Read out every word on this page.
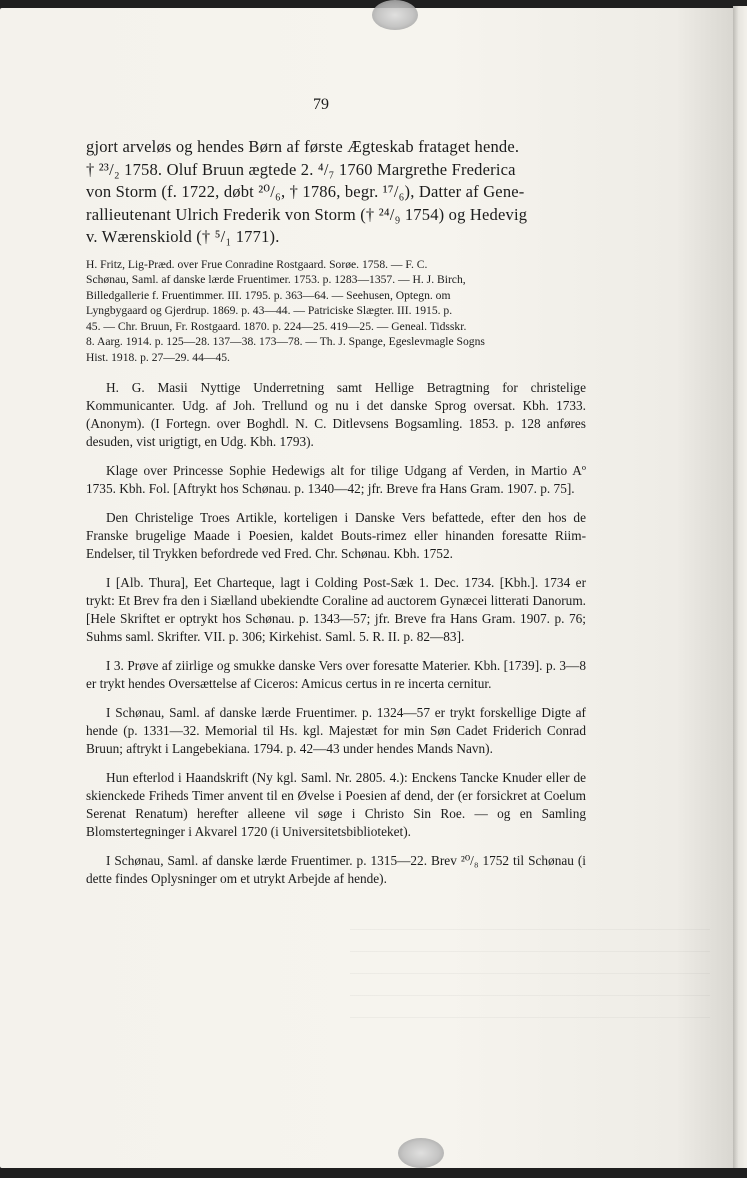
79
gjort arveløs og hendes Børn af første Ægteskab frataget hende.
† ²³/₂ 1758. Oluf Bruun ægtede 2. ⁴/₇ 1760 Margrethe Frederica
von Storm (f. 1722, døbt ²⁰/₆, † 1786, begr. ¹⁷/₆), Datter af Gene-
rallieutenant Ulrich Frederik von Storm († ²⁴/₉ 1754) og Hedevig
v. Wærenskiold († ⁵/₁ 1771).
H. Fritz, Lig-Præd. over Frue Conradine Rostgaard. Sorøe. 1758. — F. C.
Schønau, Saml. af danske lærde Fruentimer. 1753. p. 1283—1357. — H. J. Birch,
Billedgallerie f. Fruentimmer. III. 1795. p. 363—64. — Seehusen, Optegn. om
Lyngbygaard og Gjerdrup. 1869. p. 43—44. — Patriciske Slægter. III. 1915. p.
45. — Chr. Bruun, Fr. Rostgaard. 1870. p. 224—25. 419—25. — Geneal. Tidsskr.
8. Aarg. 1914. p. 125—28. 137—38. 173—78. — Th. J. Spange, Egeslevmagle Sogns
Hist. 1918. p. 27—29. 44—45.

H. G. Masii Nyttige Underretning samt Hellige Betragtning for christelige Kommunicanter. Udg. af Joh. Trellund og nu i det danske Sprog oversat. Kbh. 1733. (Anonym). (I Fortegn. over Boghdl. N. C. Ditlevsens Bogsamling. 1853. p. 128 anføres desuden, vist urigtigt, en Udg. Kbh. 1793).

Klage over Princesse Sophie Hedewigs alt for tilige Udgang af Verden, in Martio Aº 1735. Kbh. Fol. [Aftrykt hos Schønau. p. 1340—42; jfr. Breve fra Hans Gram. 1907. p. 75].

Den Christelige Troes Artikle, korteligen i Danske Vers befattede, efter den hos de Franske brugelige Maade i Poesien, kaldet Bouts-rimez eller hinanden foresatte Riim-Endelser, til Trykken befordrede ved Fred. Chr. Schønau. Kbh. 1752.

I [Alb. Thura], Eet Charteque, lagt i Colding Post-Sæk 1. Dec. 1734. [Kbh.]. 1734 er trykt: Et Brev fra den i Siælland ubekiendte Coraline ad auctorem Gynæcei litterati Danorum. [Hele Skriftet er optrykt hos Schønau. p. 1343—57; jfr. Breve fra Hans Gram. 1907. p. 76; Suhms saml. Skrifter. VII. p. 306; Kirkehist. Saml. 5. R. II. p. 82—83].

I 3. Prøve af ziirlige og smukke danske Vers over foresatte Materier. Kbh. [1739]. p. 3—8 er trykt hendes Oversættelse af Ciceros: Amicus certus in re incerta cernitur.

I Schønau, Saml. af danske lærde Fruentimer. p. 1324—57 er trykt forskellige Digte af hende (p. 1331—32. Memorial til Hs. kgl. Majestæt for min Søn Cadet Friderich Conrad Bruun; aftrykt i Langebekiana. 1794. p. 42—43 under hendes Mands Navn).

Hun efterlod i Haandskrift (Ny kgl. Saml. Nr. 2805. 4.): Enckens Tancke Knuder eller de skienckede Friheds Timer anvent til en Øvelse i Poesien af dend, der (er forsickret at Coelum Serenat Renatum) herefter alleene vil søge i Christo Sin Roe. — og en Samling Blomstertegninger i Akvarel 1720 (i Universitetsbiblioteket).

I Schønau, Saml. af danske lærde Fruentimer. p. 1315—22. Brev ²⁰/₈ 1752 til Schønau (i dette findes Oplysninger om et utrykt Arbejde af hende).
